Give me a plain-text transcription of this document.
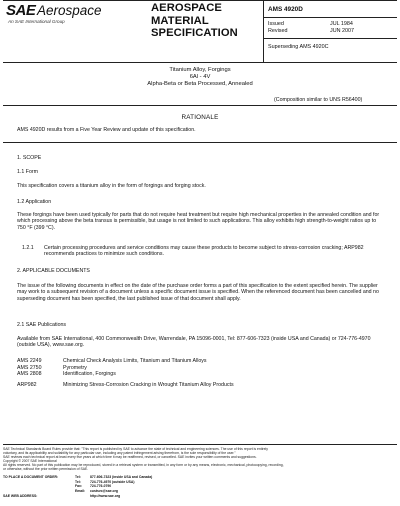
SAE Aerospace
An SAE International Group
AEROSPACE
MATERIAL
SPECIFICATION
AMS 4920D
Issued	JUL 1984
Revised	JUN 2007
Superseding AMS 4920C
Titanium Alloy, Forgings
6Al - 4V
Alpha-Beta or Beta Processed, Annealed
(Composition similar to UNS R56400)
RATIONALE
AMS 4920D results from a Five Year Review and update of this specification.
1. SCOPE
1.1 Form
This specification covers a titanium alloy in the form of forgings and forging stock.
1.2 Application
These forgings have been used typically for parts that do not require heat treatment but require high mechanical properties in the annealed condition and for which processing above the beta transus is permissible, but usage is not limited to such applications. This alloy exhibits high strength-to-weight ratios up to 750 °F (399 °C).
1.2.1 Certain processing procedures and service conditions may cause these products to become subject to stress-corrosion cracking; ARP982 recommends practices to minimize such conditions.
2. APPLICABLE DOCUMENTS
The issue of the following documents in effect on the date of the purchase order forms a part of this specification to the extent specified herein. The supplier may work to a subsequent revision of a document unless a specific document issue is specified. When the referenced document has been cancelled and no superseding document has been specified, the last published issue of that document shall apply.
2.1 SAE Publications
Available from SAE International, 400 Commonwealth Drive, Warrendale, PA 15096-0001, Tel: 877-606-7323 (inside USA and Canada) or 724-776-4970 (outside USA), www.sae.org.
AMS 2249	Chemical Check Analysis Limits, Titanium and Titanium Alloys
AMS 2750	Pyrometry
AMS 2808	Identification, Forgings
ARP982	Minimizing Stress-Corrosion Cracking in Wrought Titanium Alloy Products
SAE Technical Standards Board Rules provide that: "This report is published by SAE to advance the state of technical and engineering sciences. The use of this report is entirely
voluntary, and its applicability and suitability for any particular use, including any patent infringement arising therefrom, is the sole responsibility of the user."
SAE reviews each technical report at least every five years at which time it may be reaffirmed, revised, or cancelled. SAE invites your written comments and suggestions.
Copyright © 2007 SAE International
All rights reserved. No part of this publication may be reproduced, stored in a retrieval system or transmitted, in any form or by any means, electronic, mechanical, photocopying, recording,
or otherwise, without the prior written permission of SAE.
TO PLACE A DOCUMENT ORDER:	Tel:	877-606-7323 (inside USA and Canada)
Tel:	724-776-4970 (outside USA)
Fax: 724-776-0790
Email: custsvc@sae.org
SAE WEB ADDRESS:	http://www.sae.org
